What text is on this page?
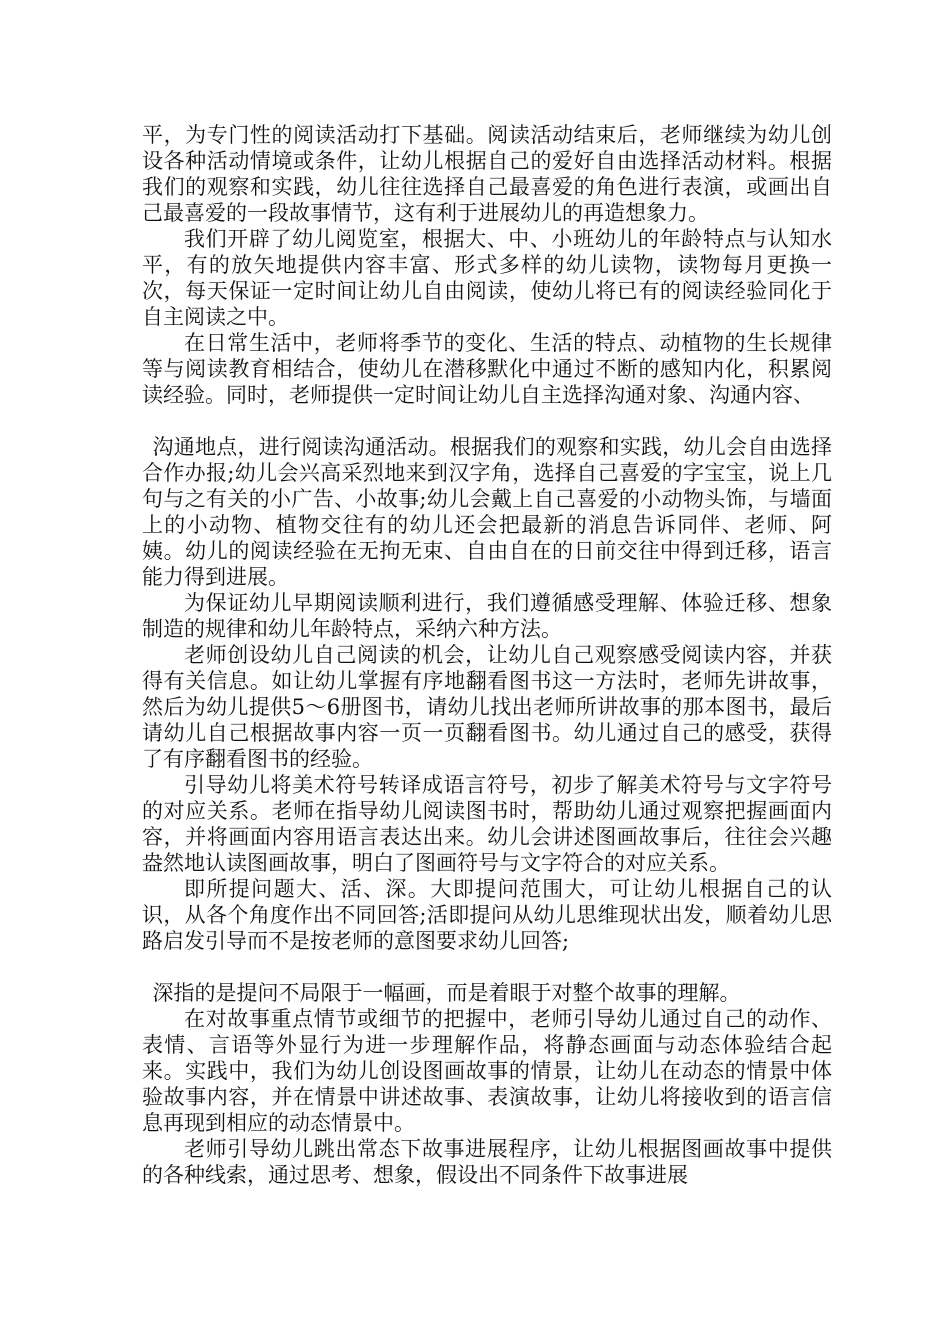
平，为专门性的阅读活动打下基础。阅读活动结束后，老师继续为幼儿创设各种活动情境或条件，让幼儿根据自己的爱好自由选择活动材料。根据我们的观察和实践，幼儿往往选择自己最喜爱的角色进行表演，或画出自己最喜爱的一段故事情节，这有利于进展幼儿的再造想象力。

我们开辟了幼儿阅览室，根据大、中、小班幼儿的年龄特点与认知水平，有的放矢地提供内容丰富、形式多样的幼儿读物，读物每月更换一次，每天保证一定时间让幼儿自由阅读，使幼儿将已有的阅读经验同化于自主阅读之中。

在日常生活中，老师将季节的变化、生活的特点、动植物的生长规律等与阅读教育相结合，使幼儿在潜移默化中通过不断的感知内化，积累阅读经验。同时，老师提供一定时间让幼儿自主选择沟通对象、沟通内容、

沟通地点，进行阅读沟通活动。根据我们的观察和实践，幼儿会自由选择合作办报;幼儿会兴高采烈地来到汉字角，选择自己喜爱的字宝宝，说上几句与之有关的小广告、小故事;幼儿会戴上自己喜爱的小动物头饰，与墙面上的小动物、植物交往有的幼儿还会把最新的消息告诉同伴、老师、阿姨。幼儿的阅读经验在无拘无束、自由自在的日前交往中得到迁移，语言能力得到进展。

为保证幼儿早期阅读顺利进行，我们遵循感受理解、体验迁移、想象制造的规律和幼儿年龄特点，采纳六种方法。

老师创设幼儿自己阅读的机会，让幼儿自己观察感受阅读内容，并获得有关信息。如让幼儿掌握有序地翻看图书这一方法时，老师先讲故事，然后为幼儿提供5～6册图书，请幼儿找出老师所讲故事的那本图书，最后请幼儿自己根据故事内容一页一页翻看图书。幼儿通过自己的感受，获得了有序翻看图书的经验。

引导幼儿将美术符号转译成语言符号，初步了解美术符号与文字符号的对应关系。老师在指导幼儿阅读图书时，帮助幼儿通过观察把握画面内容，并将画面内容用语言表达出来。幼儿会讲述图画故事后，往往会兴趣盎然地认读图画故事，明白了图画符号与文字符合的对应关系。

即所提问题大、活、深。大即提问范围大，可让幼儿根据自己的认识，从各个角度作出不同回答;活即提问从幼儿思维现状出发，顺着幼儿思路启发引导而不是按老师的意图要求幼儿回答;

深指的是提问不局限于一幅画，而是着眼于对整个故事的理解。

在对故事重点情节或细节的把握中，老师引导幼儿通过自己的动作、表情、言语等外显行为进一步理解作品，将静态画面与动态体验结合起来。实践中，我们为幼儿创设图画故事的情景，让幼儿在动态的情景中体验故事内容，并在情景中讲述故事、表演故事，让幼儿将接收到的语言信息再现到相应的动态情景中。

老师引导幼儿跳出常态下故事进展程序，让幼儿根据图画故事中提供的各种线索，通过思考、想象，假设出不同条件下故事进展
